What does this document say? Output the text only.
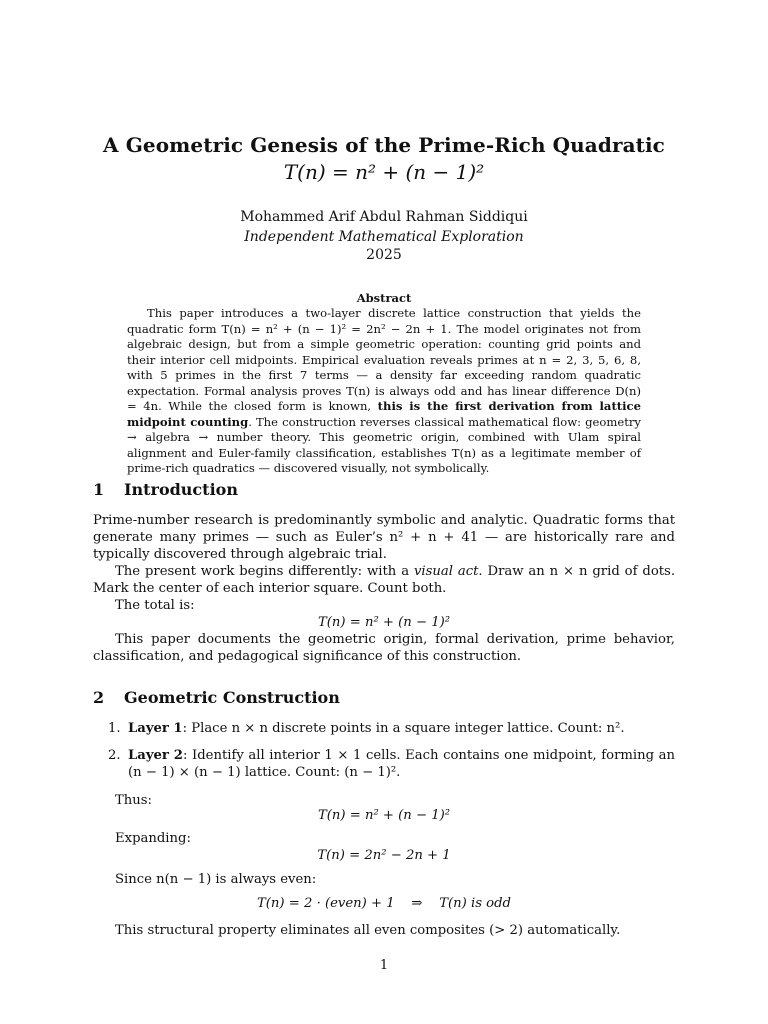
A Geometric Genesis of the Prime-Rich Quadratic
T(n) = n² + (n − 1)²
Mohammed Arif Abdul Rahman Siddiqui
Independent Mathematical Exploration
2025
Abstract

This paper introduces a two-layer discrete lattice construction that yields the quadratic form T(n) = n² + (n − 1)² = 2n² − 2n + 1. The model originates not from algebraic design, but from a simple geometric operation: counting grid points and their interior cell midpoints. Empirical evaluation reveals primes at n = 2, 3, 5, 6, 8, with 5 primes in the first 7 terms — a density far exceeding random quadratic expectation. Formal analysis proves T(n) is always odd and has linear difference D(n) = 4n. While the closed form is known, this is the first derivation from lattice midpoint counting. The construction reverses classical mathematical flow: geometry → algebra → number theory. This geometric origin, combined with Ulam spiral alignment and Euler-family classification, establishes T(n) as a legitimate member of prime-rich quadratics — discovered visually, not symbolically.

1 Introduction

Prime-number research is predominantly symbolic and analytic. Quadratic forms that generate many primes — such as Euler’s n² + n + 41 — are historically rare and typically discovered through algebraic trial.

The present work begins differently: with a visual act. Draw an n × n grid of dots. Mark the center of each interior square. Count both.

The total is:

T(n) = n² + (n − 1)²

This paper documents the geometric origin, formal derivation, prime behavior, classification, and pedagogical significance of this construction.

2 Geometric Construction
1. Layer 1: Place n × n discrete points in a square integer lattice. Count: n².
2. Layer 2: Identify all interior 1 × 1 cells. Each contains one midpoint, forming an (n − 1) × (n − 1) lattice. Count: (n − 1)².
Thus:
T(n) = n² + (n − 1)²
Expanding:
T(n) = 2n² − 2n + 1
Since n(n − 1) is always even:
T(n) = 2 · (even) + 1    ⇒    T(n) is odd
This structural property eliminates all even composites (> 2) automatically.
1
